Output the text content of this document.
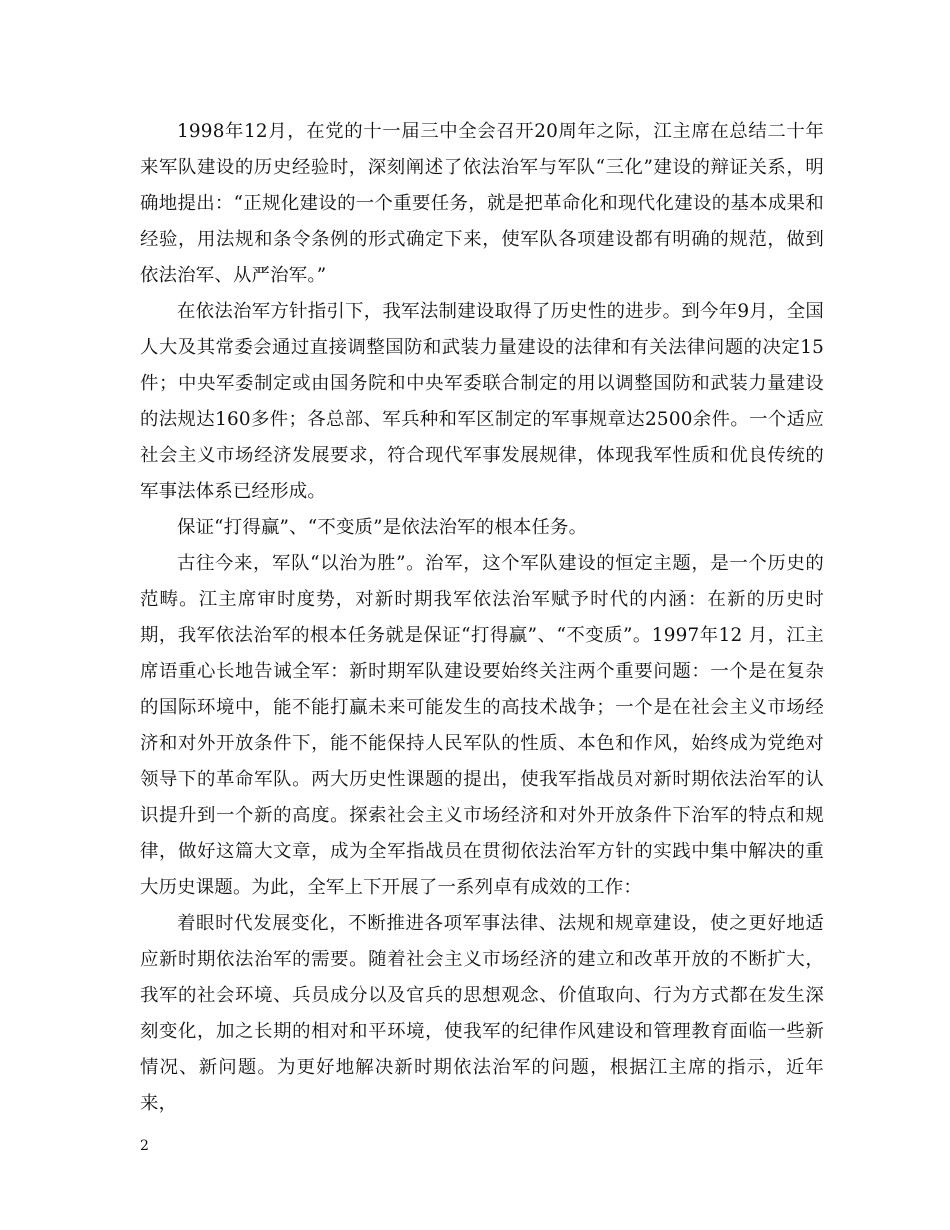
1998年12月，在党的十一届三中全会召开20周年之际，江主席在总结二十年来军队建设的历史经验时，深刻阐述了依法治军与军队“三化”建设的辩证关系，明确地提出：“正规化建设的一个重要任务，就是把革命化和现代化建设的基本成果和经验，用法规和条令条例的形式确定下来，使军队各项建设都有明确的规范，做到依法治军、从严治军。”

在依法治军方针指引下，我军法制建设取得了历史性的进步。到今年9月，全国人大及其常委会通过直接调整国防和武装力量建设的法律和有关法律问题的决定15件；中央军委制定或由国务院和中央军委联合制定的用以调整国防和武装力量建设的法规达160多件；各总部、军兵种和军区制定的军事规章达2500余件。一个适应社会主义市场经济发展要求，符合现代军事发展规律，体现我军性质和优良传统的军事法体系已经形成。

保证“打得赢”、“不变质”是依法治军的根本任务。

古往今来，军队“以治为胜”。治军，这个军队建设的恒定主题，是一个历史的范畴。江主席审时度势，对新时期我军依法治军赋予时代的内涵：在新的历史时期，我军依法治军的根本任务就是保证“打得赢”、“不变质”。1997年12 月，江主席语重心长地告诫全军：新时期军队建设要始终关注两个重要问题：一个是在复杂的国际环境中，能不能打赢未来可能发生的高技术战争；一个是在社会主义市场经济和对外开放条件下，能不能保持人民军队的性质、本色和作风，始终成为党绝对领导下的革命军队。两大历史性课题的提出，使我军指战员对新时期依法治军的认识提升到一个新的高度。探索社会主义市场经济和对外开放条件下治军的特点和规律，做好这篇大文章，成为全军指战员在贯彻依法治军方针的实践中集中解决的重大历史课题。为此，全军上下开展了一系列卓有成效的工作：

着眼时代发展变化，不断推进各项军事法律、法规和规章建设，使之更好地适应新时期依法治军的需要。随着社会主义市场经济的建立和改革开放的不断扩大，我军的社会环境、兵员成分以及官兵的思想观念、价值取向、行为方式都在发生深刻变化，加之长期的相对和平环境，使我军的纪律作风建设和管理教育面临一些新情况、新问题。为更好地解决新时期依法治军的问题，根据江主席的指示，近年来，

2
